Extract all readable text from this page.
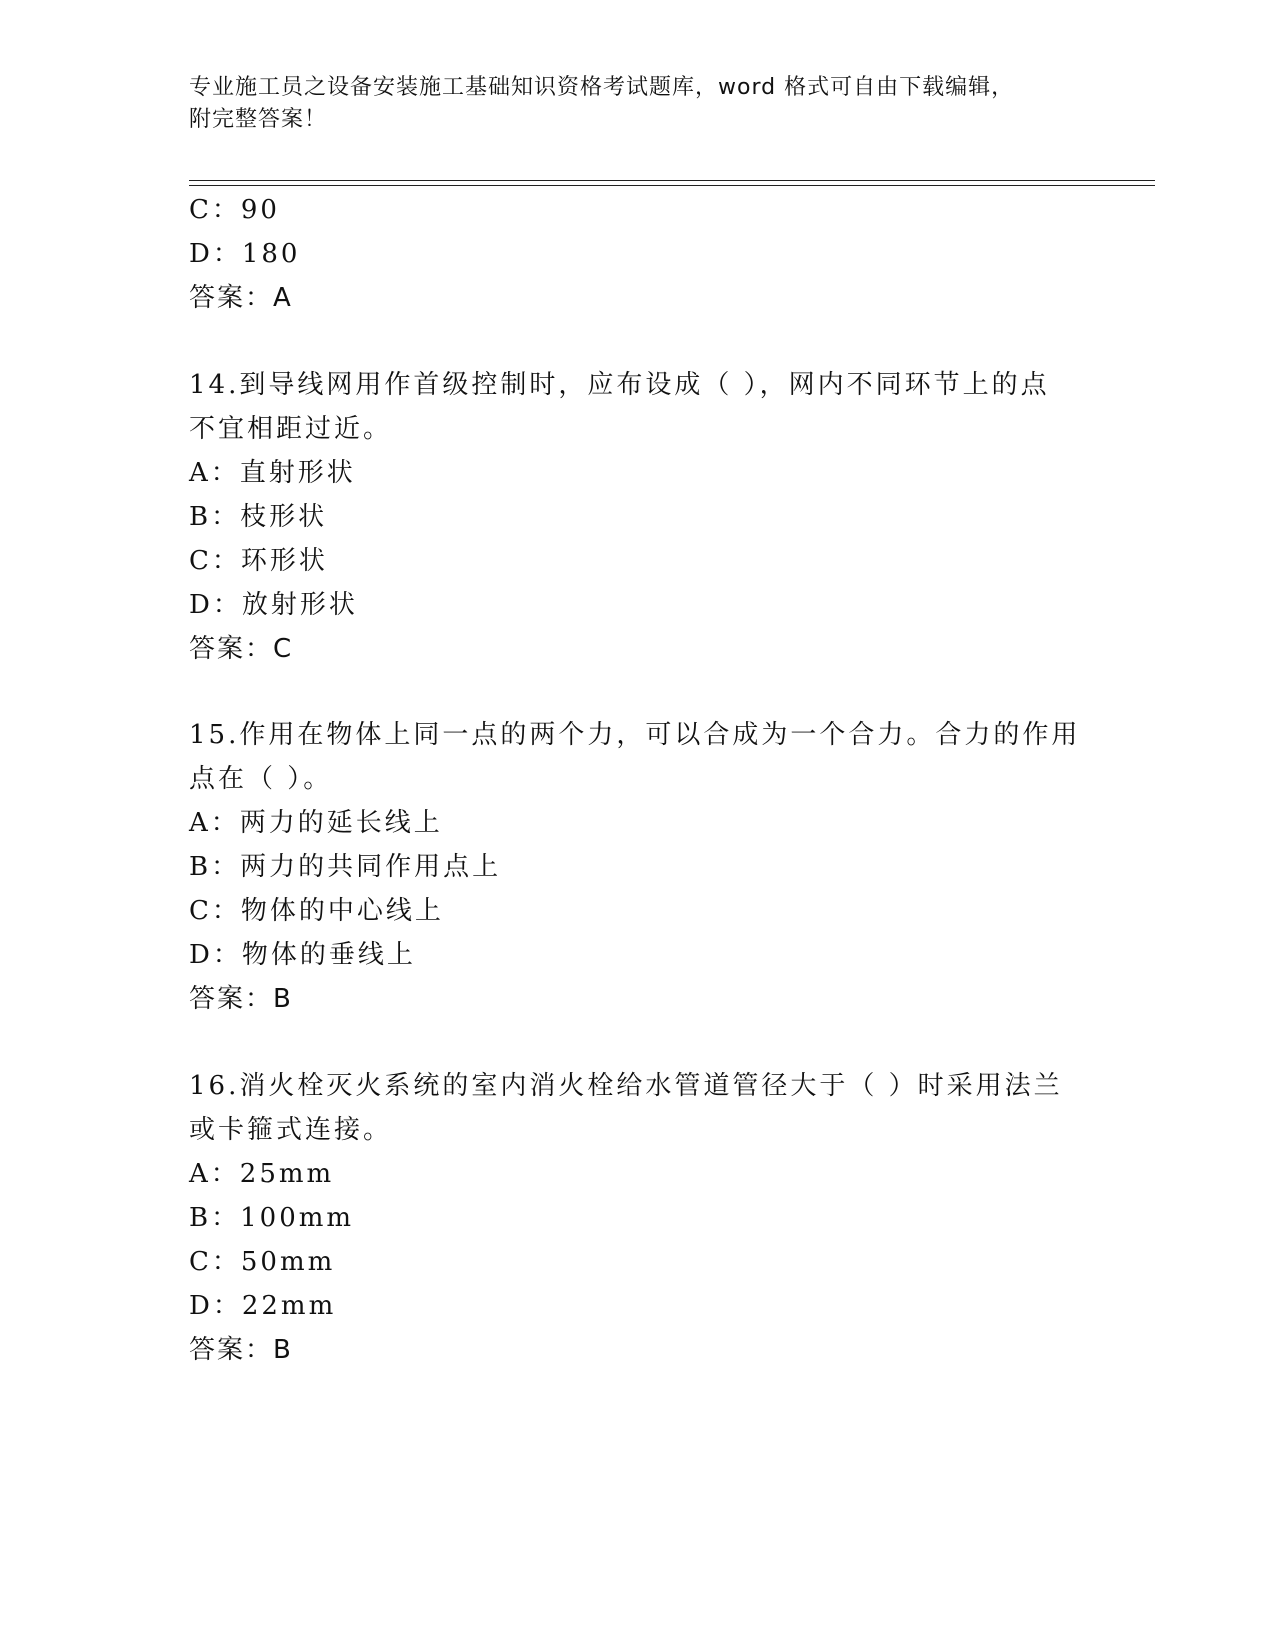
专业施工员之设备安装施工基础知识资格考试题库，word 格式可自由下载编辑，
附完整答案！
C：90
D：180
答案：A
14.到导线网用作首级控制时，应布设成（ ），网内不同环节上的点
不宜相距过近。
A：直射形状
B：枝形状
C：环形状
D：放射形状
答案：C
15.作用在物体上同一点的两个力，可以合成为一个合力。合力的作用
点在（ ）。
A：两力的延长线上
B：两力的共同作用点上
C：物体的中心线上
D：物体的垂线上
答案：B
16.消火栓灭火系统的室内消火栓给水管道管径大于（ ）时采用法兰
或卡箍式连接。
A：25mm
B：100mm
C：50mm
D：22mm
答案：B
